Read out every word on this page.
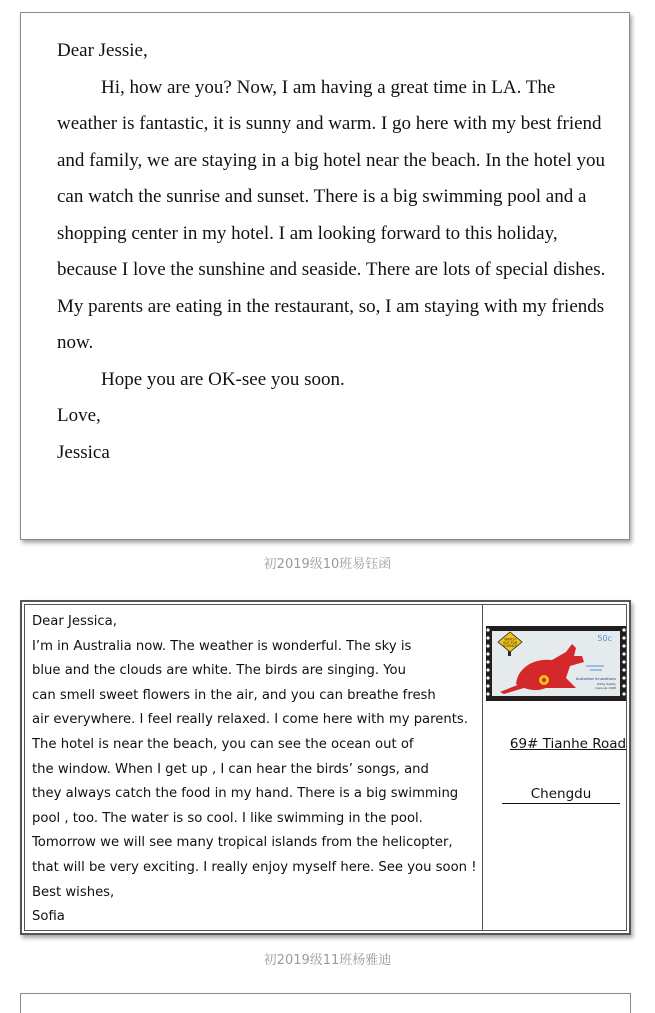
Dear Jessie,

Hi, how are you? Now, I am having a great time in LA. The weather is fantastic, it is sunny and warm. I go here with my best friend and family, we are staying in a big hotel near the beach. In the hotel you can watch the sunrise and sunset. There is a big swimming pool and a shopping center in my hotel. I am looking forward to this holiday, because I love the sunshine and seaside. There are lots of special dishes. My parents are eating in the restaurant, so, I am staying with my friends now.

Hope you are OK-see you soon.

Love,

Jessica

初2019级10班易钰函

Dear Jessica,

I’m in Australia now. The weather is wonderful. The sky is

blue and the clouds are white. The birds are singing. You

can smell sweet flowers in the air, and you can breathe fresh

air everywhere. I feel really relaxed. I come here with my parents.

The hotel is near the beach, you can see the ocean out of

the window. When I get up , I can hear the birds’ songs, and

they always catch the food in my hand. There is a big swimming

pool , too. The water is so cool. I like swimming in the pool.

Tomorrow we will see many tropical islands from the helicopter,

that will be very exciting. I really enjoy myself here. See you soon !

Best wishes,

Sofia

WATCH
OUT FOR
SCIENCE
50c
Australian Innovations
Ribby Safety
Capsule 1968
69# Tianhe Road
Chengdu
初2019级11班杨雅迪
